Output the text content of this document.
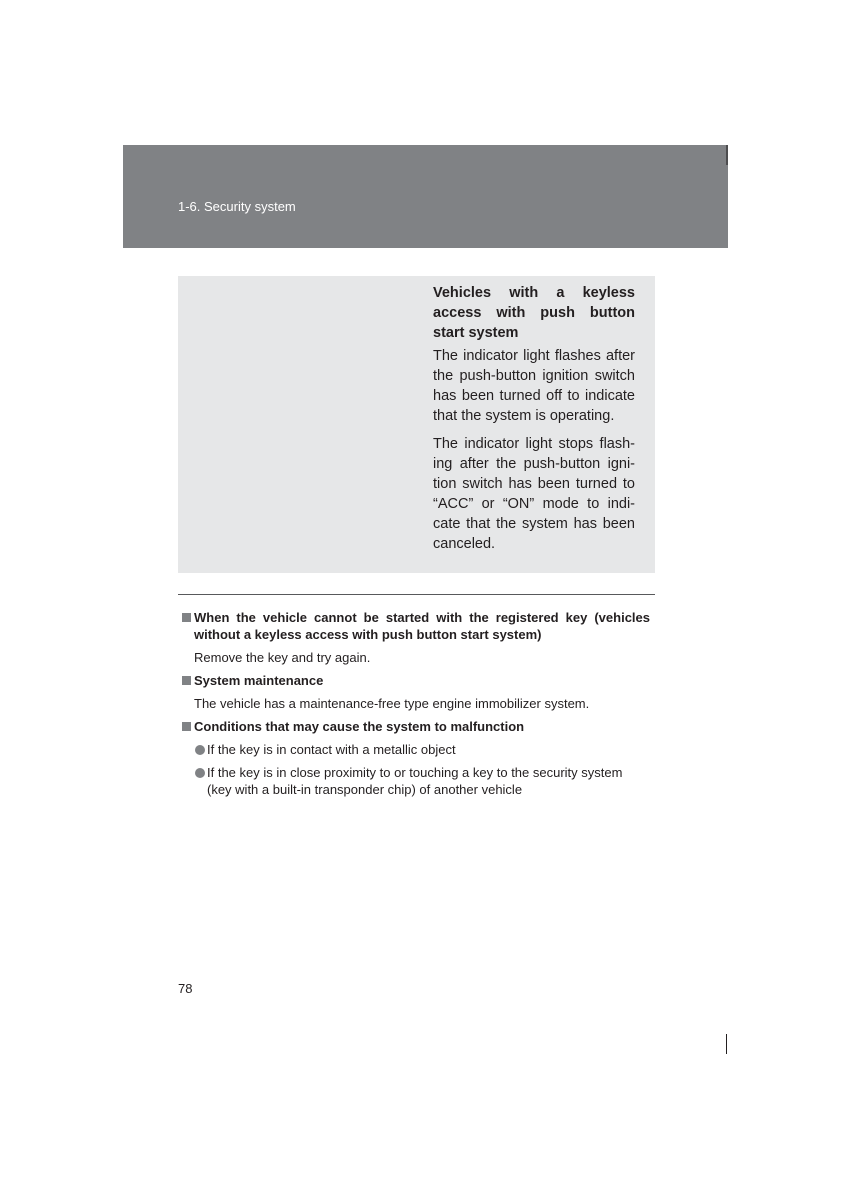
1-6. Security system

Vehicles with a keyless access with push button start system

The indicator light flashes after the push-button ignition switch has been turned off to indicate that the system is operating.

The indicator light stops flash-ing after the push-button igni-tion switch has been turned to “ACC” or “ON” mode to indi-cate that the system has been canceled.

When the vehicle cannot be started with the registered key (vehicles without a keyless access with push button start system)
Remove the key and try again.
System maintenance
The vehicle has a maintenance-free type engine immobilizer system.
Conditions that may cause the system to malfunction
If the key is in contact with a metallic object
If the key is in close proximity to or touching a key to the security system (key with a built-in transponder chip) of another vehicle
78
